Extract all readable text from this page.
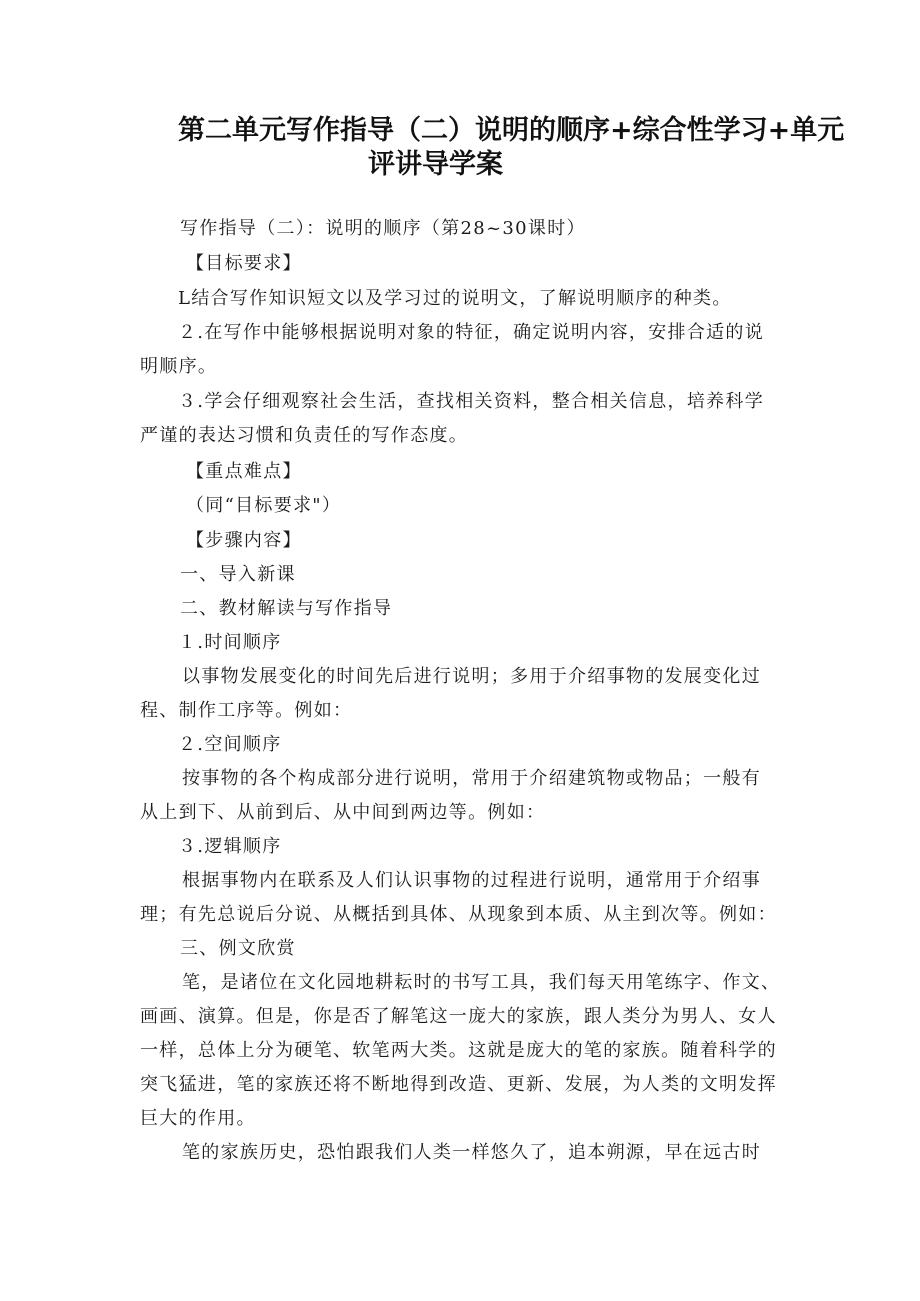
第二单元写作指导（二）说明的顺序+综合性学习+单元
评讲导学案
写作指导（二）：说明的顺序（第28~30课时）
【目标要求】
L结合写作知识短文以及学习过的说明文，了解说明顺序的种类。
２.在写作中能够根据说明对象的特征，确定说明内容，安排合适的说
明顺序。
３.学会仔细观察社会生活，查找相关资料，整合相关信息，培养科学
严谨的表达习惯和负责任的写作态度。
【重点难点】
（同“目标要求"）
【步骤内容】
一、导入新课
二、教材解读与写作指导
１.时间顺序
以事物发展变化的时间先后进行说明；多用于介绍事物的发展变化过
程、制作工序等。例如：
２.空间顺序
按事物的各个构成部分进行说明，常用于介绍建筑物或物品；一般有
从上到下、从前到后、从中间到两边等。例如：
３.逻辑顺序
根据事物内在联系及人们认识事物的过程进行说明，通常用于介绍事
理；有先总说后分说、从概括到具体、从现象到本质、从主到次等。例如：
三、例文欣赏
笔，是诸位在文化园地耕耘时的书写工具，我们每天用笔练字、作文、
画画、演算。但是，你是否了解笔这一庞大的家族，跟人类分为男人、女人
一样，总体上分为硬笔、软笔两大类。这就是庞大的笔的家族。随着科学的
突飞猛进，笔的家族还将不断地得到改造、更新、发展，为人类的文明发挥
巨大的作用。
笔的家族历史，恐怕跟我们人类一样悠久了，追本朔源，早在远古时
